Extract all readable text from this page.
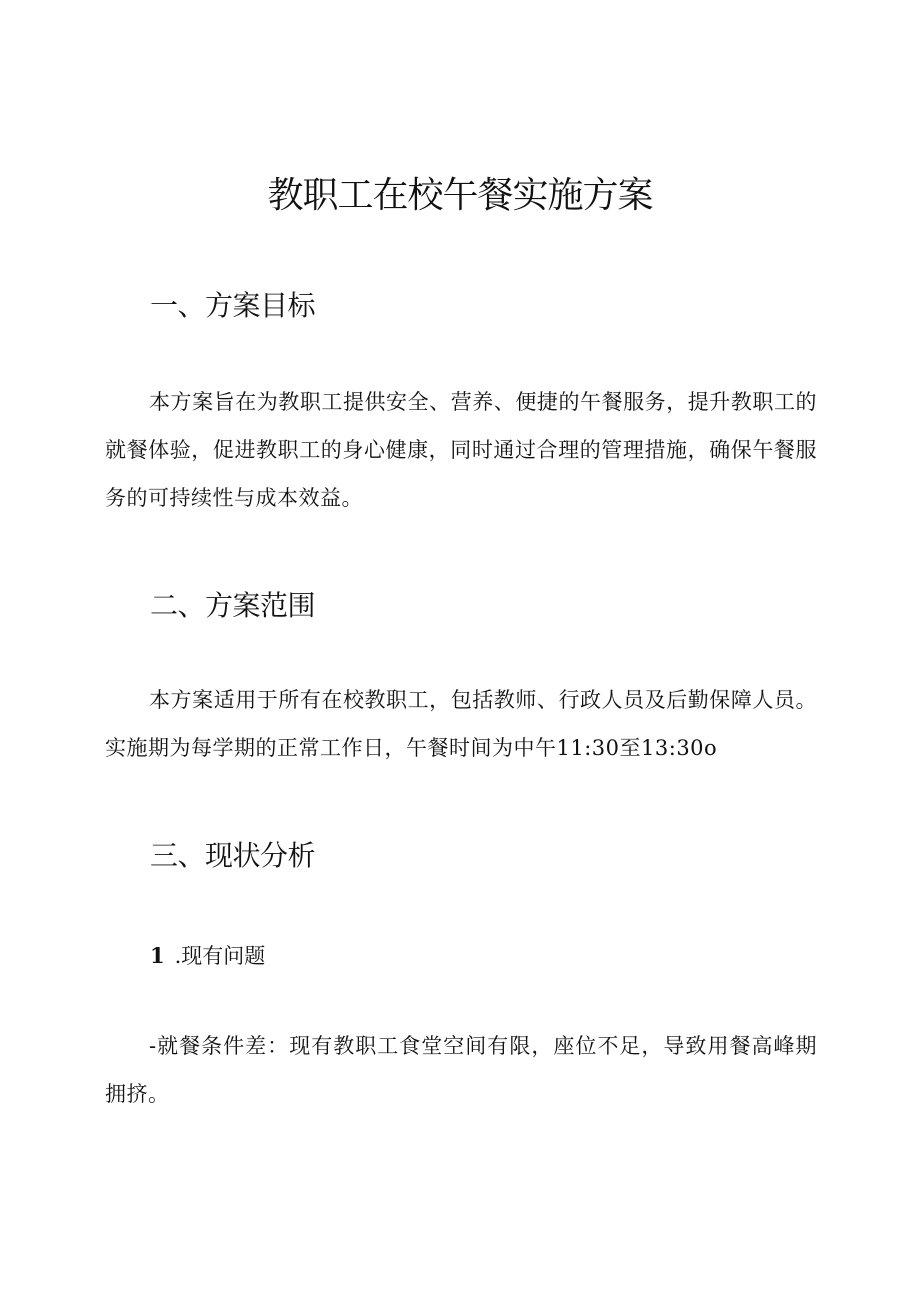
教职工在校午餐实施方案
一、方案目标

本方案旨在为教职工提供安全、营养、便捷的午餐服务，提升教职工的就餐体验，促进教职工的身心健康，同时通过合理的管理措施，确保午餐服务的可持续性与成本效益。

二、方案范围

本方案适用于所有在校教职工，包括教师、行政人员及后勤保障人员。实施期为每学期的正常工作日，午餐时间为中午11:30至13:30o

三、现状分析
1 .现有问题

-就餐条件差：现有教职工食堂空间有限，座位不足，导致用餐高峰期拥挤。
